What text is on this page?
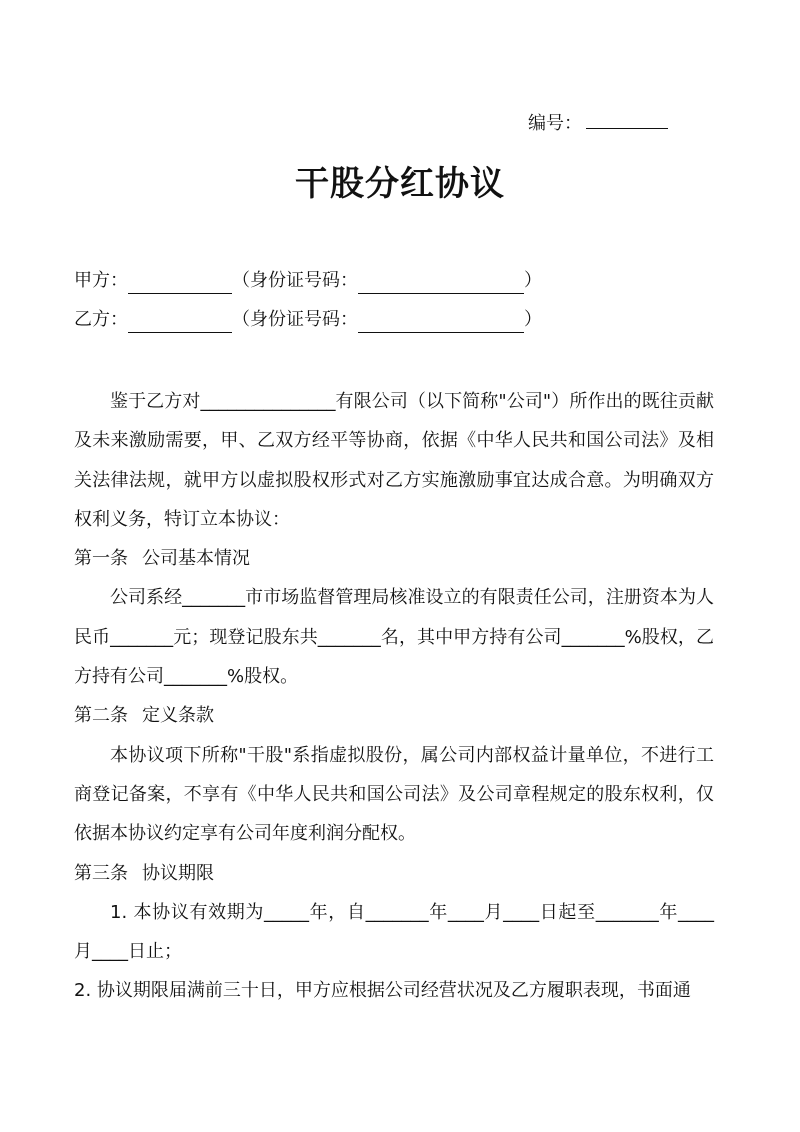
编号：
干股分红协议
甲方：	（身份证号码：	）
乙方：	（身份证号码：	）

鉴于乙方对_______________有限公司（以下简称"公司"）所作出的既往贡献及未来激励需要，甲、乙双方经平等协商，依据《中华人民共和国公司法》及相关法律法规，就甲方以虚拟股权形式对乙方实施激励事宜达成合意。为明确双方权利义务，特订立本协议：

第一条 公司基本情况

公司系经_______市市场监督管理局核准设立的有限责任公司，注册资本为人民币_______元；现登记股东共_______名，其中甲方持有公司_______%股权，乙方持有公司_______%股权。

第二条 定义条款

本协议项下所称"干股"系指虚拟股份，属公司内部权益计量单位，不进行工商登记备案，不享有《中华人民共和国公司法》及公司章程规定的股东权利，仅依据本协议约定享有公司年度利润分配权。

第三条 协议期限

1. 本协议有效期为_____年，自_______年____月____日起至_______年____月____日止；

2. 协议期限届满前三十日，甲方应根据公司经营状况及乙方履职表现，书面通
